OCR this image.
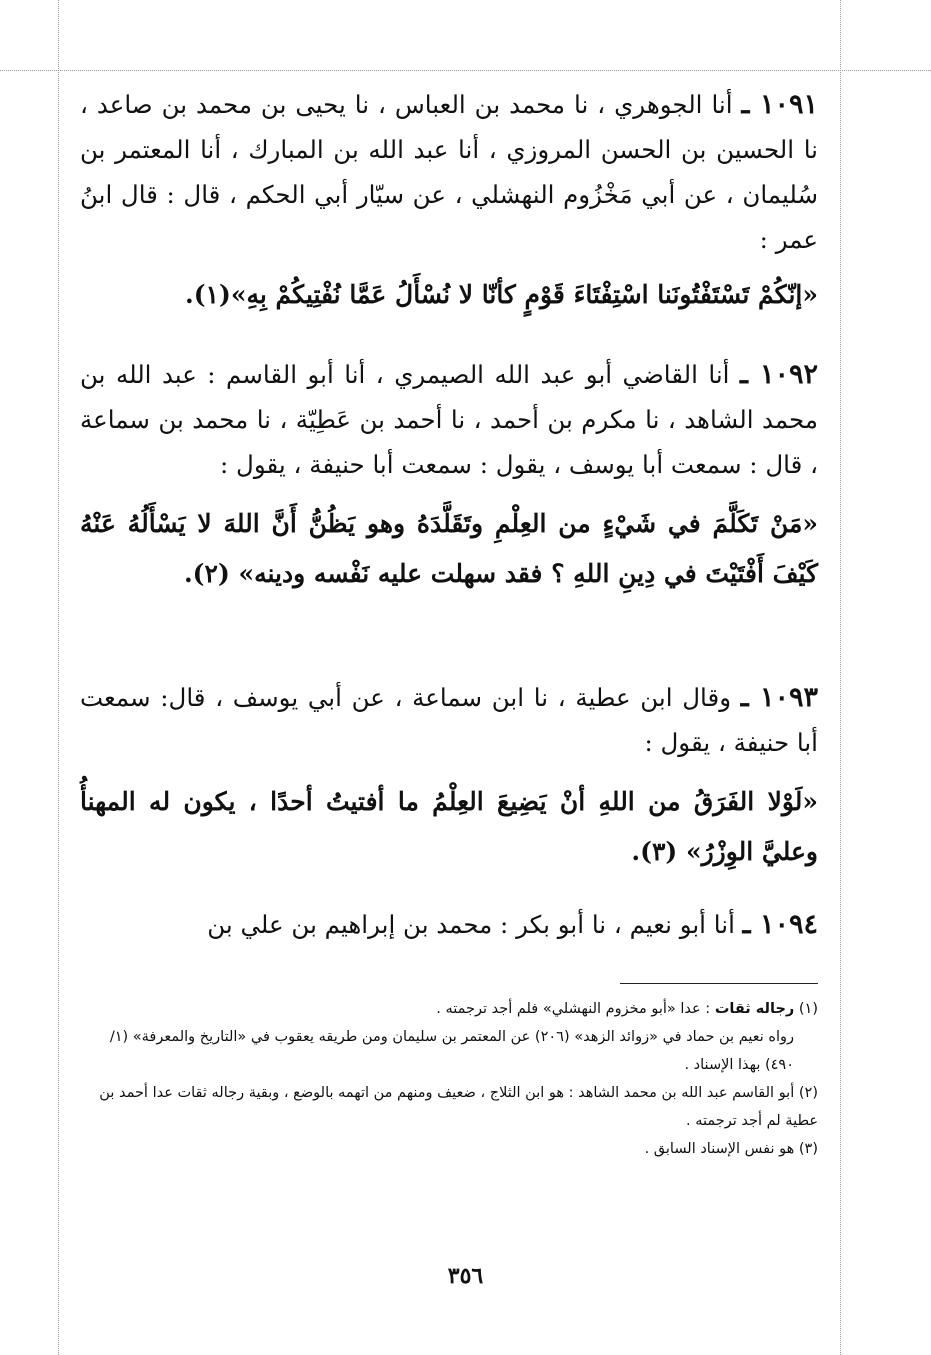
١٠٩١ ـ أنا الجوهري ، نا محمد بن العباس ، نا يحيى بن محمد بن صاعد ، نا الحسين بن الحسن المروزي ، أنا عبد الله بن المبارك ، أنا المعتمر بن سُليمان ، عن أبي مَخْزُوم النهشلي ، عن سيّار أبي الحكم ، قال : قال ابنُ عمر :

«إنّكُمْ تَسْتَفْتُونَنا اسْتِفْتَاءَ قَوْمٍ كأنّا لا نُسْأَلُ عَمَّا نُفْتِيكُمْ بِهِ»(١).

١٠٩٢ ـ أنا القاضي أبو عبد الله الصيمري ، أنا أبو القاسم : عبد الله بن محمد الشاهد ، نا مكرم بن أحمد ، نا أحمد بن عَطِيّة ، نا محمد بن سماعة ، قال : سمعت أبا يوسف ، يقول : سمعت أبا حنيفة ، يقول :

«مَنْ تَكَلَّمَ في شَيْءٍ من العِلْمِ وتَقَلَّدَهُ وهو يَظُنُّ أَنَّ اللهَ لا يَسْأَلُهُ عَنْهُ كَيْفَ أَفْتَيْتَ في دِينِ اللهِ ؟ فقد سهلت عليه نَفْسه ودينه» (٢).

١٠٩٣ ـ وقال ابن عطية ، نا ابن سماعة ، عن أبي يوسف ، قال: سمعت أبا حنيفة ، يقول :

«لَوْلا الفَرَقُ من اللهِ أنْ يَضِيعَ العِلْمُ ما أفتيتُ أحدًا ، يكون له المهنأُ وعليَّ الوِزْرُ» (٣).

١٠٩٤ ـ أنا أبو نعيم ، نا أبو بكر : محمد بن إبراهيم بن علي بن

(١) رجاله ثقات : عدا «أبو مخزوم النهشلي» فلم أجد ترجمته .

رواه نعيم بن حماد في «زوائد الزهد» (٢٠٦) عن المعتمر بن سليمان ومن طريقه يعقوب في «التاريخ والمعرفة» (١/ ٤٩٠) بهذا الإسناد .

(٢) أبو القاسم عبد الله بن محمد الشاهد : هو ابن الثلاج ، ضعيف ومنهم من اتهمه بالوضع ، وبقية رجاله ثقات عدا أحمد بن عطية لم أجد ترجمته .

(٣) هو نفس الإسناد السابق .

٣٥٦
